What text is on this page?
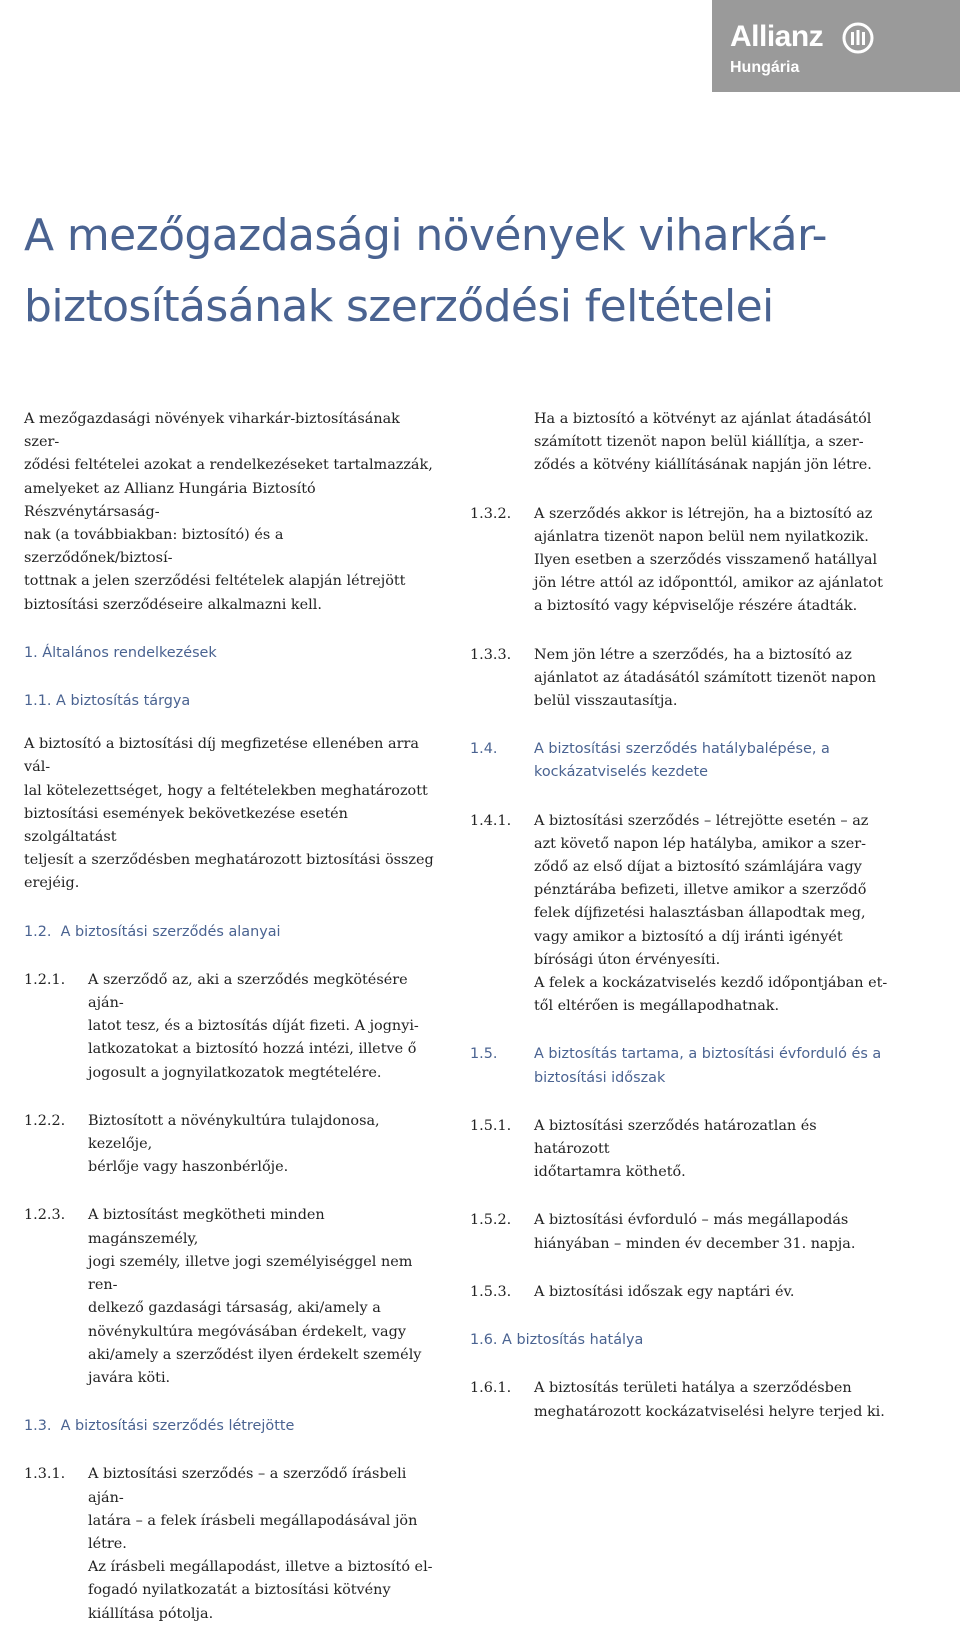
Allianz
Hungária
A mezőgazdasági növények viharkár-
biztosításának szerződési feltételei

A mezőgazdasági növények viharkár-biztosításának szer-
ződési feltételei azokat a rendelkezéseket tartalmazzák,
amelyeket az Allianz Hungária Biztosító Részvénytársaság-
nak (a továbbiakban: biztosító) és a szerződőnek/biztosí-
tottnak a jelen szerződési feltételek alapján létrejött
biztosítási szerződéseire alkalmazni kell.

1. Általános rendelkezések
1.1. A biztosítás tárgya

A biztosító a biztosítási díj megfizetése ellenében arra vál-
lal kötelezettséget, hogy a feltételekben meghatározott
biztosítási események bekövetkezése esetén szolgáltatást
teljesít a szerződésben meghatározott biztosítási összeg
erejéig.

1.2. A biztosítási szerződés alanyai
1.2.1.	A szerződő az, aki a szerződés megkötésére aján-
latot tesz, és a biztosítás díját fizeti. A jognyi-
latkozatokat a biztosító hozzá intézi, illetve ő
jogosult a jognyilatkozatok megtételére.

1.2.2.	Biztosított a növénykultúra tulajdonosa, kezelője,
bérlője vagy haszonbérlője.

1.2.3.	A biztosítást megkötheti minden magánszemély,
jogi személy, illetve jogi személyiséggel nem ren-
delkező gazdasági társaság, aki/amely a
növénykultúra megóvásában érdekelt, vagy
aki/amely a szerződést ilyen érdekelt személy
javára köti.

1.3. A biztosítási szerződés létrejötte
1.3.1.	A biztosítási szerződés – a szerződő írásbeli aján-
latára – a felek írásbeli megállapodásával jön
létre.
Az írásbeli megállapodást, illetve a biztosító el-
fogadó nyilatkozatát a biztosítási kötvény
kiállítása pótolja.

Ha a biztosító a kötvényt az ajánlat átadásától
számított tizenöt napon belül kiállítja, a szer-
ződés a kötvény kiállításának napján jön létre.

1.3.2.	A szerződés akkor is létrejön, ha a biztosító az
ajánlatra tizenöt napon belül nem nyilatkozik.
Ilyen esetben a szerződés visszamenő hatállyal
jön létre attól az időponttól, amikor az ajánlatot
a biztosító vagy képviselője részére átadták.

1.3.3.	Nem jön létre a szerződés, ha a biztosító az
ajánlatot az átadásától számított tizenöt napon
belül visszautasítja.

1.4.	A biztosítási szerződés hatálybalépése, a
kockázatviselés kezdete
1.4.1.	A biztosítási szerződés – létrejötte esetén – az
azt követő napon lép hatályba, amikor a szer-
ződő az első díjat a biztosító számlájára vagy
pénztárába befizeti, illetve amikor a szerződő
felek díjfizetési halasztásban állapodtak meg,
vagy amikor a biztosító a díj iránti igényét
bírósági úton érvényesíti.
A felek a kockázatviselés kezdő időpontjában et-
től eltérően is megállapodhatnak.

1.5.	A biztosítás tartama, a biztosítási évforduló és a
biztosítási időszak
1.5.1.	A biztosítási szerződés határozatlan és határozott
időtartamra köthető.

1.5.2.	A biztosítási évforduló – más megállapodás
hiányában – minden év december 31. napja.

1.5.3.	A biztosítási időszak egy naptári év.

1.6. A biztosítás hatálya
1.6.1.	A biztosítás területi hatálya a szerződésben
meghatározott kockázatviselési helyre terjed ki.
